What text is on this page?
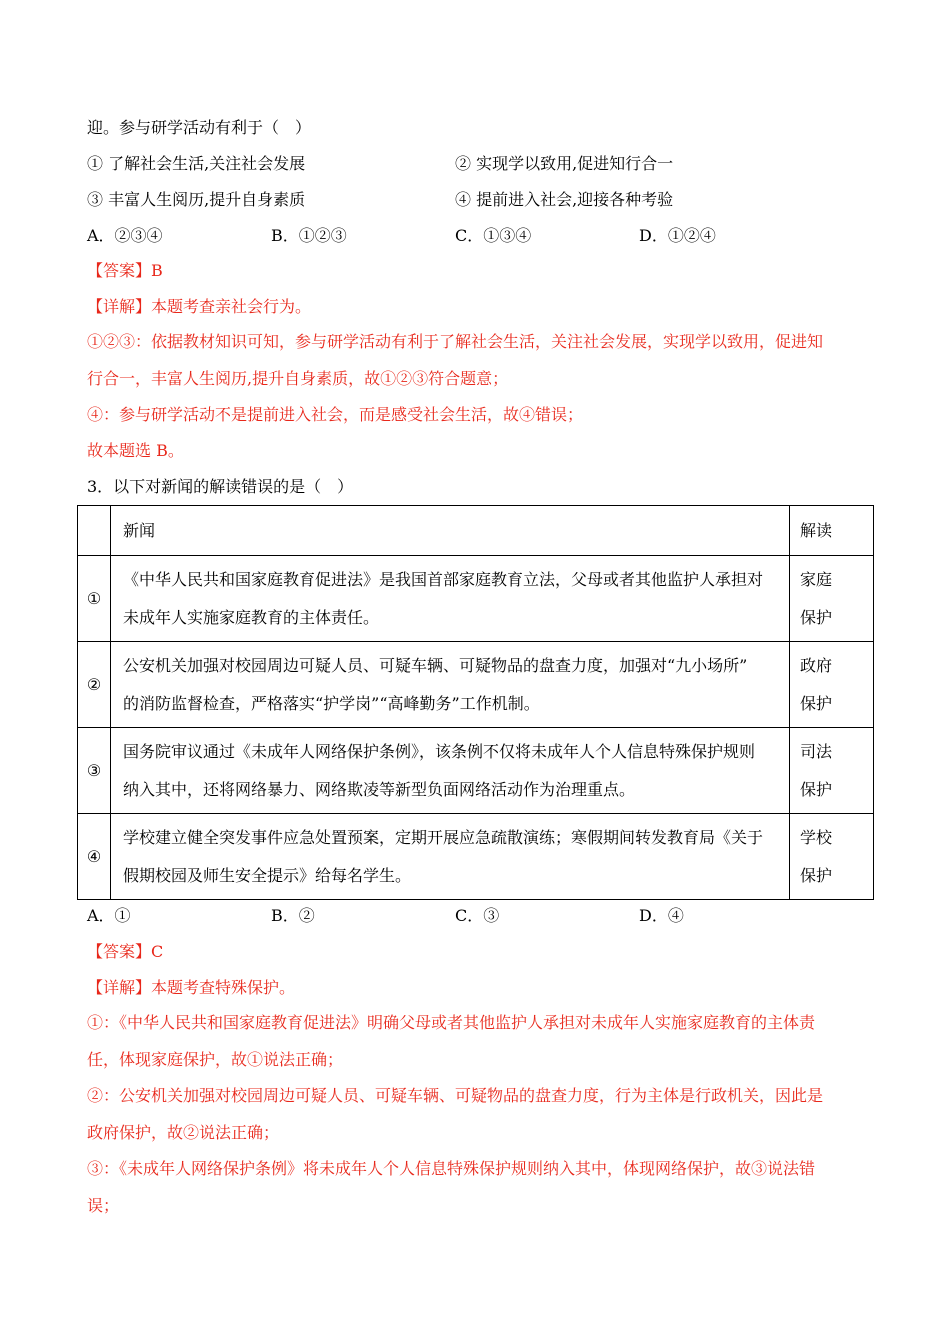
迎。参与研学活动有利于（　）
① 了解社会生活,关注社会发展	② 实现学以致用,促进知行合一
③ 丰富人生阅历,提升自身素质	④ 提前进入社会,迎接各种考验
A．②③④	B．①②③	C．①③④	D．①②④
【答案】B
【详解】本题考查亲社会行为。
①②③：依据教材知识可知，参与研学活动有利于了解社会生活，关注社会发展，实现学以致用，促进知
行合一，丰富人生阅历,提升自身素质，故①②③符合题意；
④：参与研学活动不是提前进入社会，而是感受社会生活，故④错误；
故本题选 B。
3．以下对新闻的解读错误的是（　）
	新闻	解读
①	《中华人民共和国家庭教育促进法》是我国首部家庭教育立法，父母或者其他监护人承担对
未成年人实施家庭教育的主体责任。	家庭
保护

②	公安机关加强对校园周边可疑人员、可疑车辆、可疑物品的盘查力度，加强对“九小场所”
的消防监督检查，严格落实“护学岗”“高峰勤务”工作机制。	政府
保护

③	国务院审议通过《未成年人网络保护条例》，该条例不仅将未成年人个人信息特殊保护规则
纳入其中，还将网络暴力、网络欺凌等新型负面网络活动作为治理重点。	司法
保护

④	学校建立健全突发事件应急处置预案，定期开展应急疏散演练；寒假期间转发教育局《关于
假期校园及师生安全提示》给每名学生。	学校
保护
A．①	B．②	C．③	D．④
【答案】C
【详解】本题考查特殊保护。
①：《中华人民共和国家庭教育促进法》明确父母或者其他监护人承担对未成年人实施家庭教育的主体责
任，体现家庭保护，故①说法正确；
②：公安机关加强对校园周边可疑人员、可疑车辆、可疑物品的盘查力度，行为主体是行政机关，因此是
政府保护，故②说法正确；
③：《未成年人网络保护条例》将未成年人个人信息特殊保护规则纳入其中，体现网络保护，故③说法错
误；
